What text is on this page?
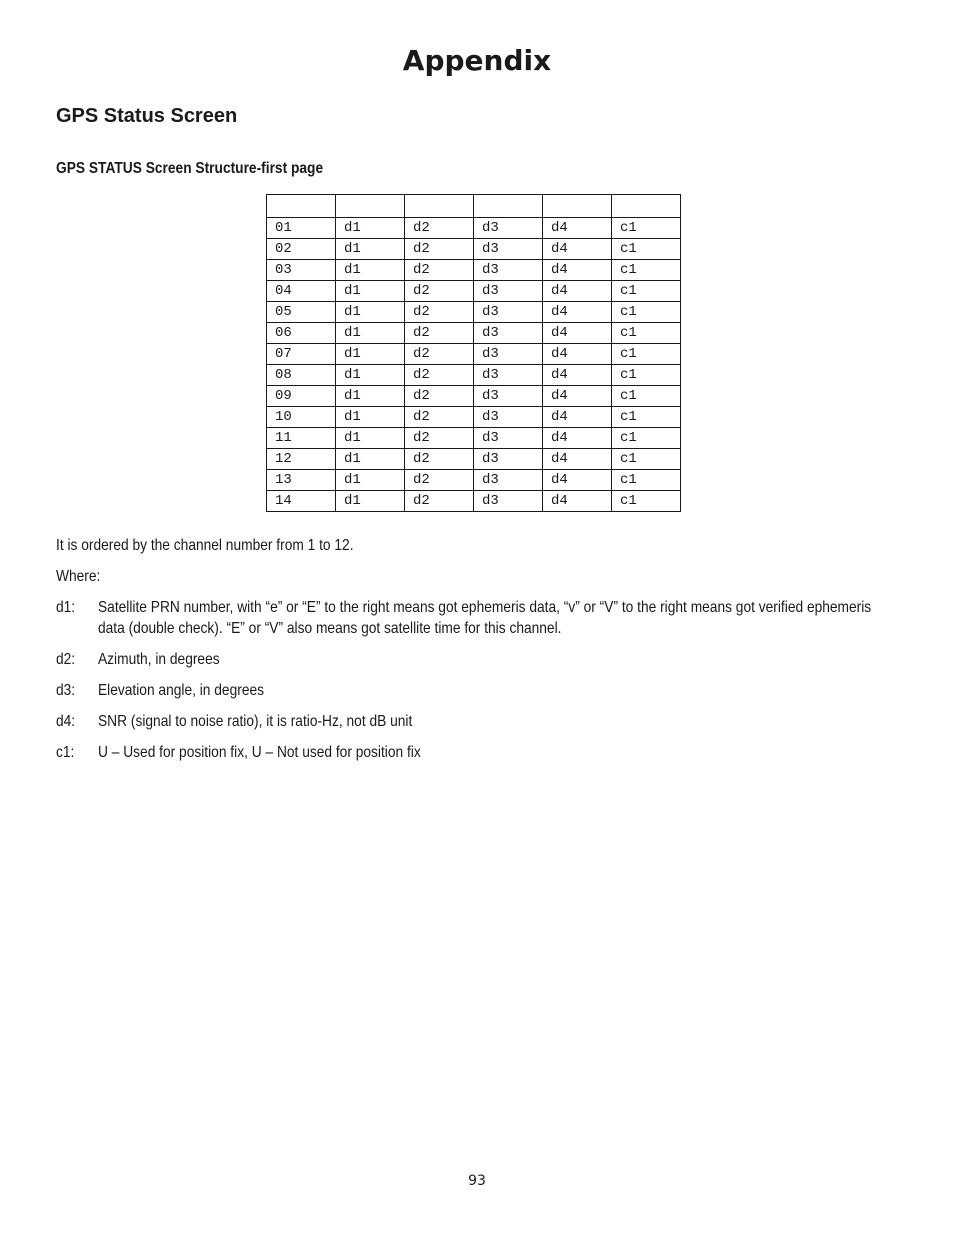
Appendix
GPS Status Screen
GPS STATUS Screen Structure-first page

01	d1	d2	d3	d4	c1
02	d1	d2	d3	d4	c1
03	d1	d2	d3	d4	c1
04	d1	d2	d3	d4	c1
05	d1	d2	d3	d4	c1
06	d1	d2	d3	d4	c1
07	d1	d2	d3	d4	c1
08	d1	d2	d3	d4	c1
09	d1	d2	d3	d4	c1
10	d1	d2	d3	d4	c1
11	d1	d2	d3	d4	c1
12	d1	d2	d3	d4	c1
13	d1	d2	d3	d4	c1
14	d1	d2	d3	d4	c1

It is ordered by the channel number from 1 to 12.

Where:

d1: Satellite PRN number, with “e” or “E” to the right means got ephemeris data, “v” or “V” to the right means got verified ephemeris data (double check). “E” or “V” also means got satellite time for this channel.
d2: Azimuth, in degrees
d3: Elevation angle, in degrees
d4: SNR (signal to noise ratio), it is ratio-Hz, not dB unit
c1: U – Used for position fix, U – Not used for position fix

93
